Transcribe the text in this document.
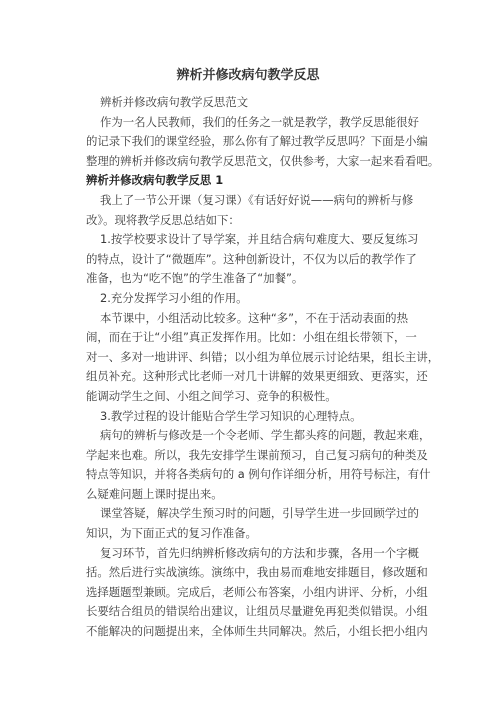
辨析并修改病句教学反思

辨析并修改病句教学反思范文

作为一名人民教师，我们的任务之一就是教学，教学反思能很好

的记录下我们的课堂经验，那么你有了解过教学反思吗？下面是小编

整理的辨析并修改病句教学反思范文，仅供参考，大家一起来看看吧。

辨析并修改病句教学反思 1

我上了一节公开课（复习课）《有话好好说——病句的辨析与修

改》。现将教学反思总结如下：

1.按学校要求设计了导学案，并且结合病句难度大、要反复练习

的特点，设计了“微题库”。这种创新设计，不仅为以后的教学作了

准备，也为“吃不饱”的学生准备了“加餐”。

2.充分发挥学习小组的作用。

本节课中，小组活动比较多。这种“多”，不在于活动表面的热

闹，而在于让“小组”真正发挥作用。比如：小组在组长带领下，一

对一、多对一地讲评、纠错；以小组为单位展示讨论结果，组长主讲，

组员补充。这种形式比老师一对几十讲解的效果更细致、更落实，还

能调动学生之间、小组之间学习、竞争的积极性。

3.教学过程的设计能贴合学生学习知识的心理特点。

病句的辨析与修改是一个令老师、学生都头疼的问题，教起来难，

学起来也难。所以，我先安排学生课前预习，自己复习病句的种类及

特点等知识，并将各类病句的 a 例句作详细分析，用符号标注，有什

么疑难问题上课时提出来。

课堂答疑，解决学生预习时的问题，引导学生进一步回顾学过的

知识，为下面正式的复习作准备。

复习环节，首先归纳辨析修改病句的方法和步骤，各用一个字概

括。然后进行实战演练。演练中，我由易而难地安排题目，修改题和

选择题题型兼顾。完成后，老师公布答案，小组内讲评、分析，小组

长要结合组员的错误给出建议，让组员尽量避免再犯类似错误。小组

不能解决的问题提出来，全体师生共同解决。然后，小组长把小组内
